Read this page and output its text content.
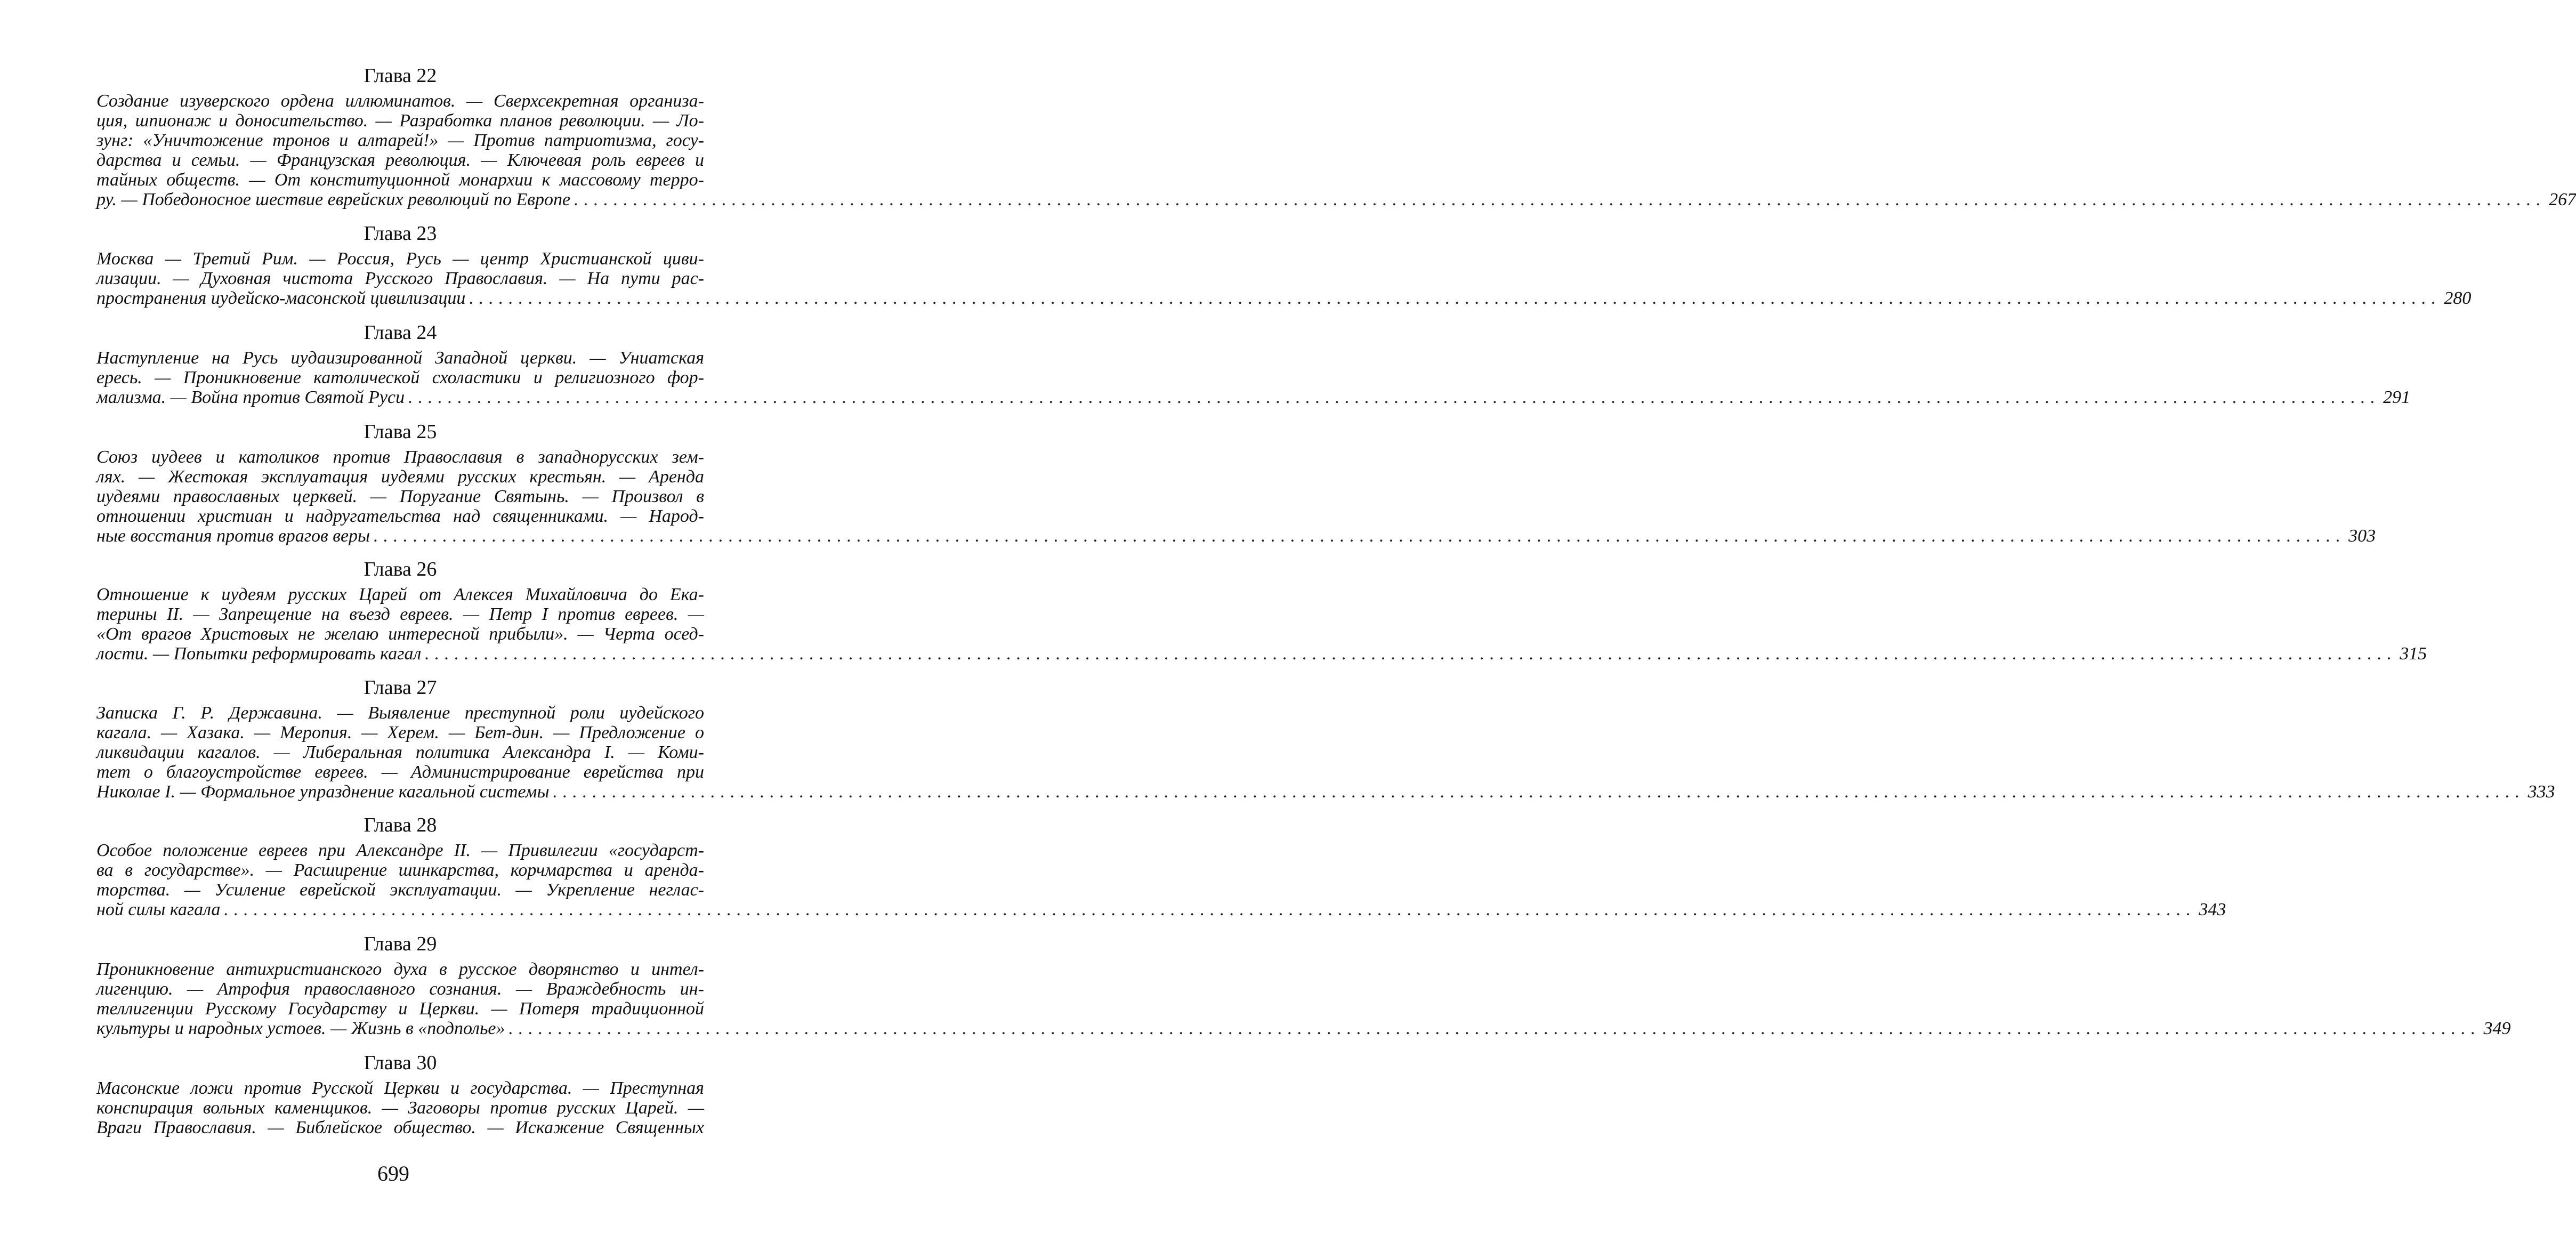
Глава 22
Создание изуверского ордена иллюминатов. — Сверхсекретная организа-
ция, шпионаж и доносительство. — Разработка планов революции. — Ло-
зунг: «Уничтожение тронов и алтарей!» — Против патриотизма, госу-
дарства и семьи. — Французская революция. — Ключевая роль евреев и
тайных обществ. — От конституционной монархии к массовому терро-
ру. — Победоносное шествие еврейских революций по Европе ........................................................................................................................................................................................................ 267
Глава 23
Москва — Третий Рим. — Россия, Русь — центр Христианской циви-
лизации. — Духовная чистота Русского Православия. — На пути рас-
пространения иудейско-масонской цивилизации ........................................................................................................................................................................................................ 280
Глава 24
Наступление на Русь иудаизированной Западной церкви. — Униатская
ересь. — Проникновение католической схоластики и религиозного фор-
мализма. — Война против Святой Руси ........................................................................................................................................................................................................ 291
Глава 25
Союз иудеев и католиков против Православия в западнорусских зем-
лях. — Жестокая эксплуатация иудеями русских крестьян. — Аренда
иудеями православных церквей. — Поругание Святынь. — Произвол в
отношении христиан и надругательства над священниками. — Народ-
ные восстания против врагов веры ........................................................................................................................................................................................................ 303
Глава 26
Отношение к иудеям русских Царей от Алексея Михайловича до Ека-
терины II. — Запрещение на въезд евреев. — Петр I против евреев. —
«От врагов Христовых не желаю интересной прибыли». — Черта осед-
лости. — Попытки реформировать кагал ........................................................................................................................................................................................................ 315
Глава 27
Записка Г. Р. Державина. — Выявление преступной роли иудейского
кагала. — Хазака. — Меропия. — Херем. — Бет-дин. — Предложение о
ликвидации кагалов. — Либеральная политика Александра I. — Коми-
тет о благоустройстве евреев. — Администрирование еврейства при
Николае I. — Формальное упразднение кагальной системы ........................................................................................................................................................................................................ 333
Глава 28
Особое положение евреев при Александре II. — Привилегии «государст-
ва в государстве». — Расширение шинкарства, корчмарства и арендa-
торства. — Усиление еврейской эксплуатации. — Укрепление неглас-
ной силы кагала ........................................................................................................................................................................................................ 343
Глава 29
Проникновение антихристианского духа в русское дворянство и интел-
лигенцию. — Атрофия православного сознания. — Враждебность ин-
теллигенции Русскому Государству и Церкви. — Потеря традиционной
культуры и народных устоев. — Жизнь в «подполье» ........................................................................................................................................................................................................ 349
Глава 30
Масонские ложи против Русской Церкви и государства. — Преступная
конспирация вольных каменщиков. — Заговоры против русских Царей. —
Враги Православия. — Библейское общество. — Искажение Священных
699
